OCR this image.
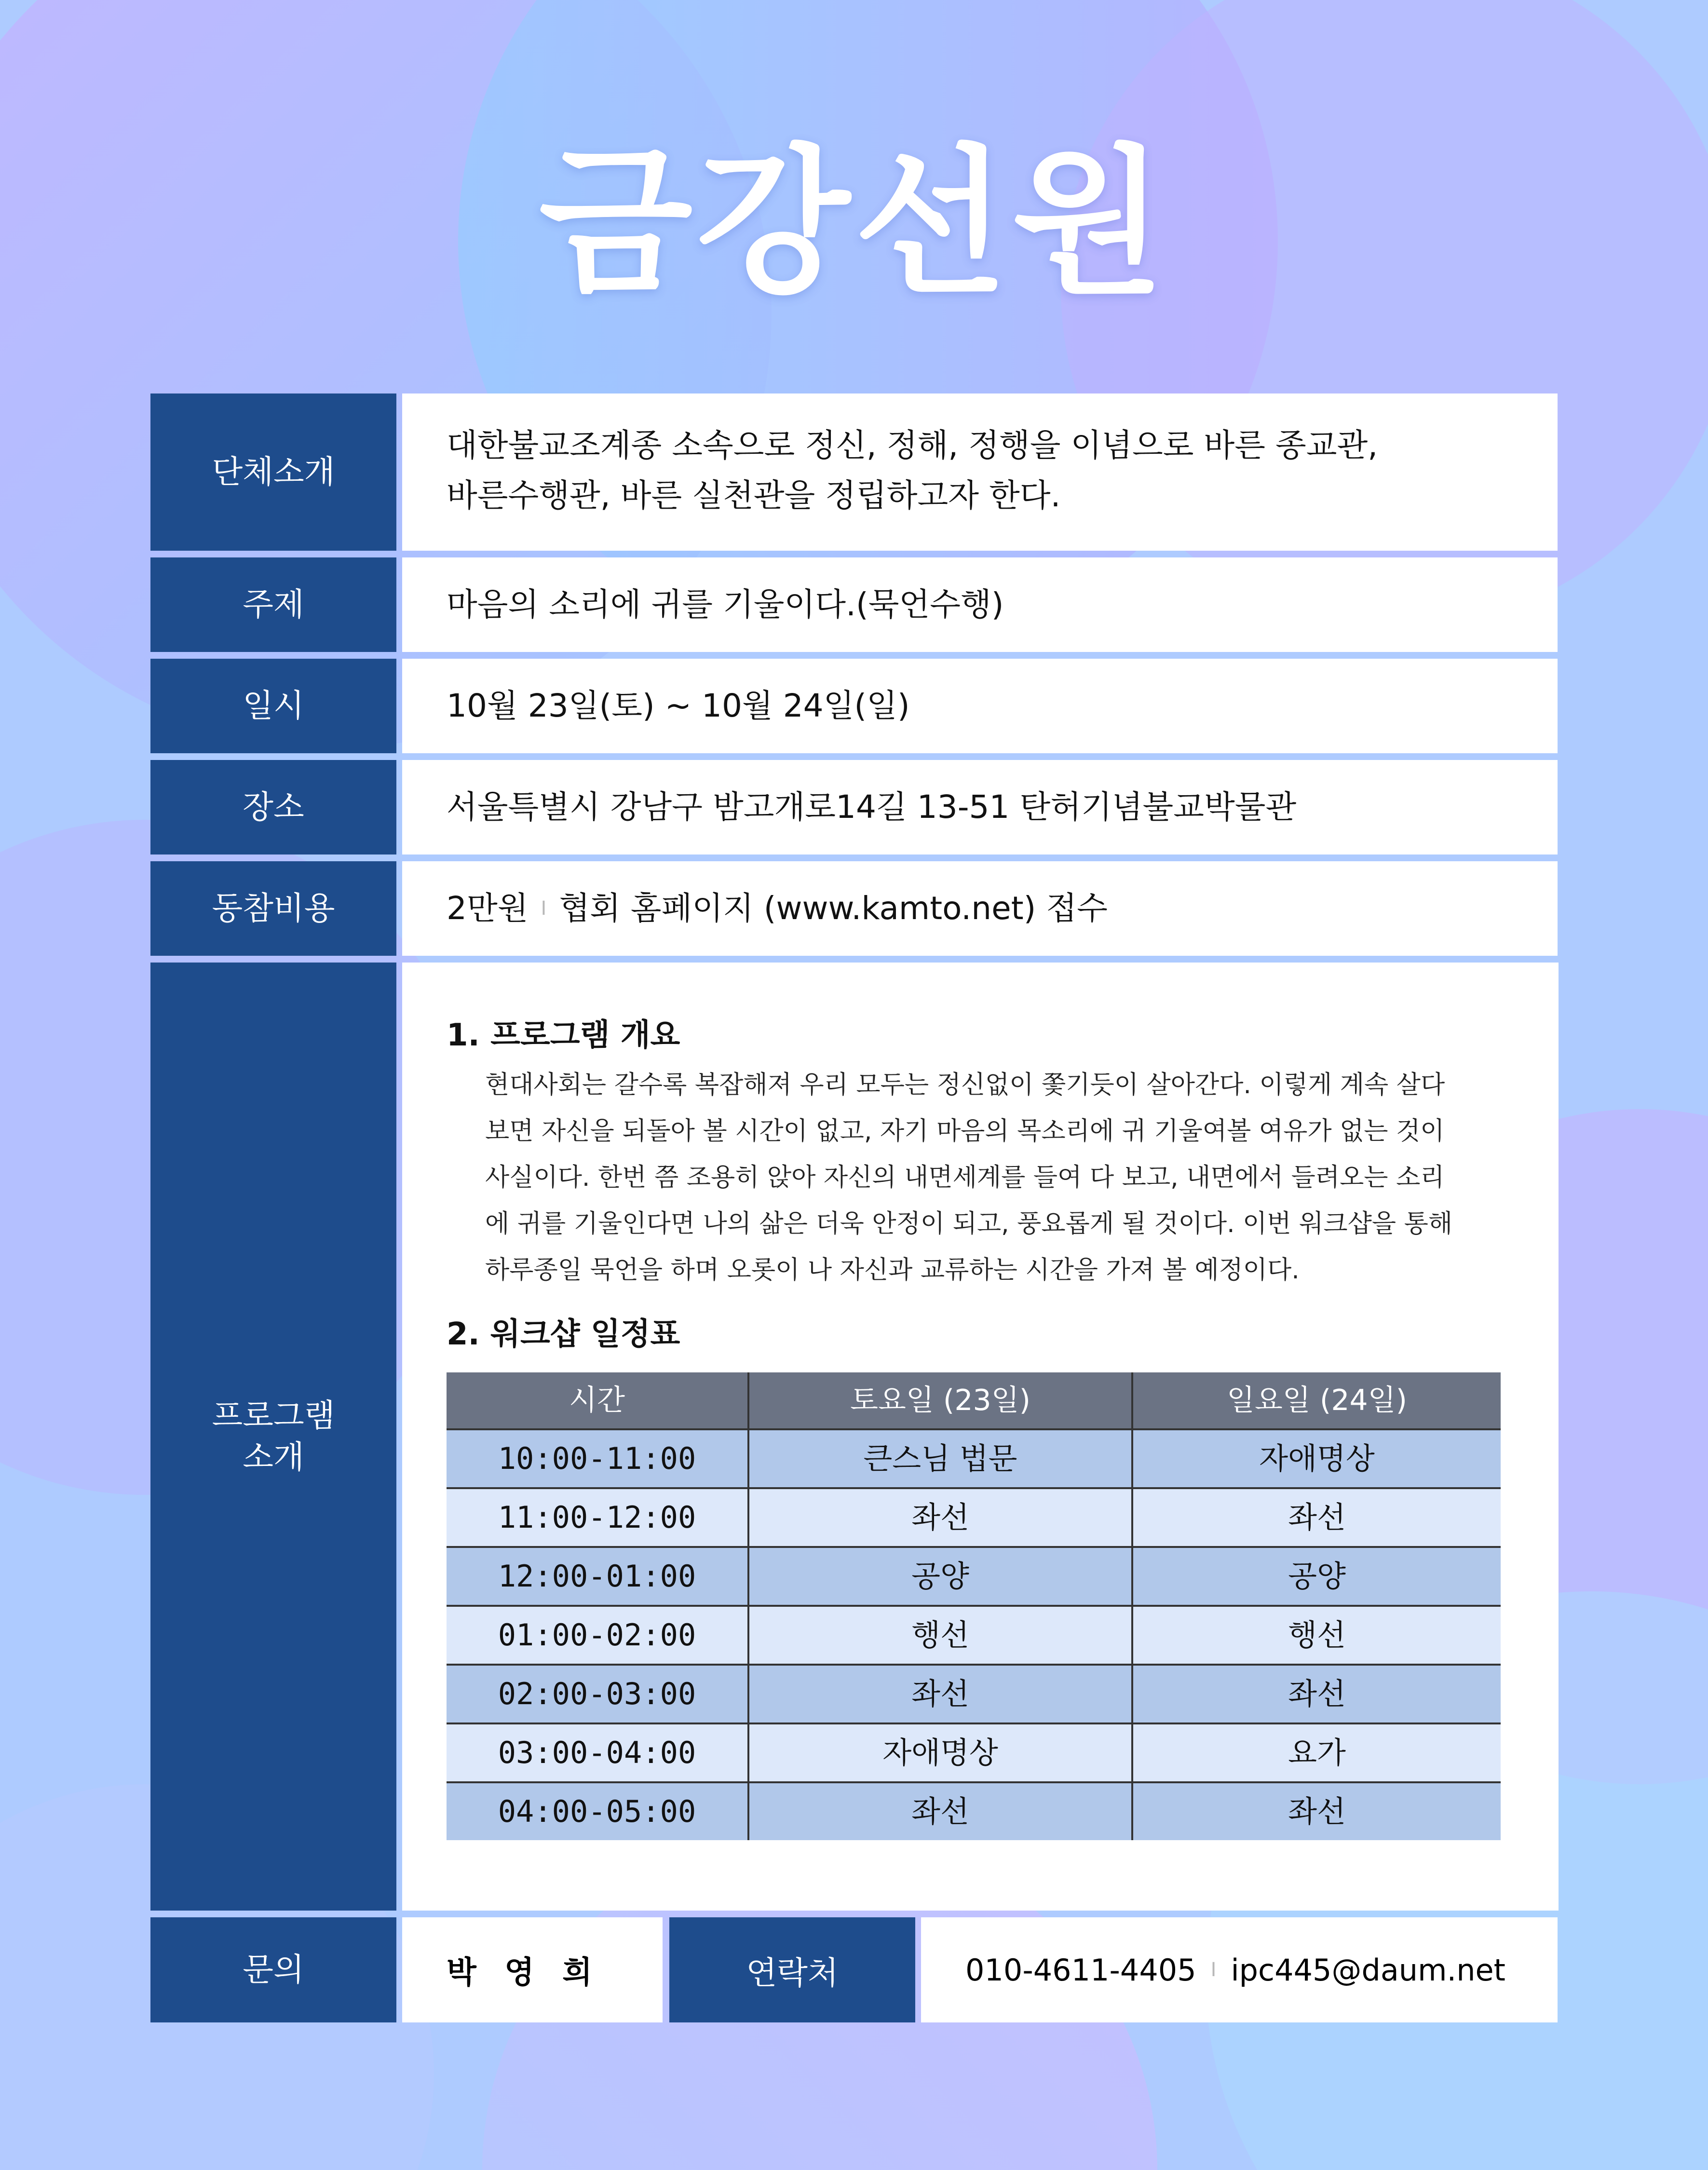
금강선원
단체소개
대한불교조계종 소속으로 정신, 정해, 정행을 이념으로 바른 종교관,
바른수행관, 바른 실천관을 정립하고자 한다.
주제	마음의 소리에 귀를 기울이다.(묵언수행)
일시	10월 23일(토) ~ 10월 24일(일)
장소	서울특별시 강남구 밤고개로14길 13-51 탄허기념불교박물관
동참비용	2만원 I 협회 홈페이지 (www.kamto.net) 접수
프로그램
소개

1. 프로그램 개요

현대사회는 갈수록 복잡해져 우리 모두는 정신없이 쫓기듯이 살아간다. 이렇게 계속 살다
보면 자신을 되돌아 볼 시간이 없고, 자기 마음의 목소리에 귀 기울여볼 여유가 없는 것이
사실이다. 한번 쯤 조용히 앉아 자신의 내면세계를 들여 다 보고, 내면에서 들려오는 소리
에 귀를 기울인다면 나의 삶은 더욱 안정이 되고, 풍요롭게 될 것이다. 이번 워크샵을 통해
하루종일 묵언을 하며 오롯이 나 자신과 교류하는 시간을 가져 볼 예정이다.

2. 워크샵 일정표

시간	토요일 (23일)	일요일 (24일)
10:00-11:00	큰스님 법문	자애명상
11:00-12:00	좌선	좌선
12:00-01:00	공양	공양
01:00-02:00	행선	행선
02:00-03:00	좌선	좌선
03:00-04:00	자애명상	요가
04:00-05:00	좌선	좌선
문의	박 영 희	연락처	010-4611-4405 I ipc445@daum.net
